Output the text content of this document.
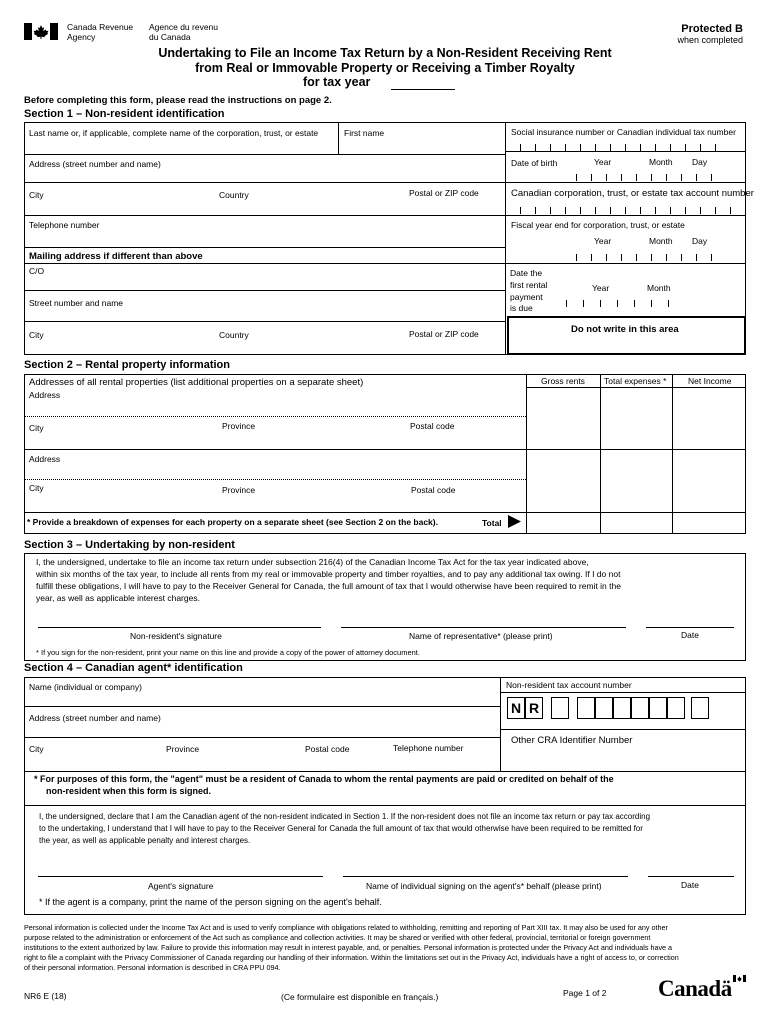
Canada Revenue
Agency
Agence du revenu
du Canada
Protected B
when completed
Undertaking to File an Income Tax Return by a Non-Resident Receiving Rent
from Real or Immovable Property or Receiving a Timber Royalty
for tax year
Before completing this form, please read the instructions on page 2.
Section 1 – Non-resident identification
Last name or, if applicable, complete name of the corporation, trust, or estate	First name	Social insurance number or Canadian individual tax number
Address (street number and name)	Date of birth	Year	Month Day
City	Country	Postal or ZIP code	Canadian corporation, trust, or estate tax account number
Telephone number	Fiscal year end for corporation, trust, or estate
Year	Month Day
Mailing address if different than above
C/O
Street number and name
City	Country	Postal or ZIP code
Date the
first rental
payment
is due
Year	Month
Do not write in this area
Section 2 – Rental property information
Addresses of all rental properties (list additional properties on a separate sheet)	Gross rents Total expenses *	Net Income
Address
City	Province	Postal code
Address
City	Province	Postal code
* Provide a breakdown of expenses for each property on a separate sheet (see Section 2 on the back).	Total
Section 3 – Undertaking by non-resident
I, the undersigned, undertake to file an income tax return under subsection 216(4) of the Canadian Income Tax Act for the tax year indicated above,
within six months of the tax year, to include all rents from my real or immovable property and timber royalties, and to pay any additional tax owing. If I do not
fulfill these obligations, I will have to pay to the Receiver General for Canada, the full amount of tax that I would otherwise have been required to remit in the
year, as well as applicable interest charges.
Non-resident's signature	Name of representative* (please print)	Date
* If you sign for the non-resident, print your name on this line and provide a copy of the power of attorney document.
Section 4 – Canadian agent* identification
Name (individual or company)	Non-resident tax account number
N R
Address (street number and name)
City	Province	Postal code	Telephone number
Other CRA Identifier Number
* For purposes of this form, the "agent" must be a resident of Canada to whom the rental payments are paid or credited on behalf of the
non-resident when this form is signed.
I, the undersigned, declare that I am the Canadian agent of the non-resident indicated in Section 1. If the non-resident does not file an income tax return or pay tax according
to the undertaking, I understand that I will have to pay to the Receiver General for Canada the full amount of tax that would otherwise have been required to be remitted for
the year, as well as applicable penalty and interest charges.
Agent's signature	Name of individual signing on the agent's* behalf (please print)	Date
* If the agent is a company, print the name of the person signing on the agent's behalf.
Personal information is collected under the Income Tax Act and is used to verify compliance with obligations related to withholding, remitting and reporting of Part XIII tax. It may also be used for any other
purpose related to the administration or enforcement of the Act such as compliance and collection activities. It may be shared or verified with other federal, provincial, territorial or foreign government
institutions to the extent authorized by law. Failure to provide this information may result in interest payable, and, or penalties. Personal information is protected under the Privacy Act and individuals have a
right to file a complaint with the Privacy Commissioner of Canada regarding our handling of their information. Within the limitations set out in the Privacy Act, individuals have a right of access to, or correction
of their personal information. Personal information is described in CRA PPU 094.
NR6 E (18)	(Ce formulaire est disponible en français.)	Page 1 of 2 Canadä
